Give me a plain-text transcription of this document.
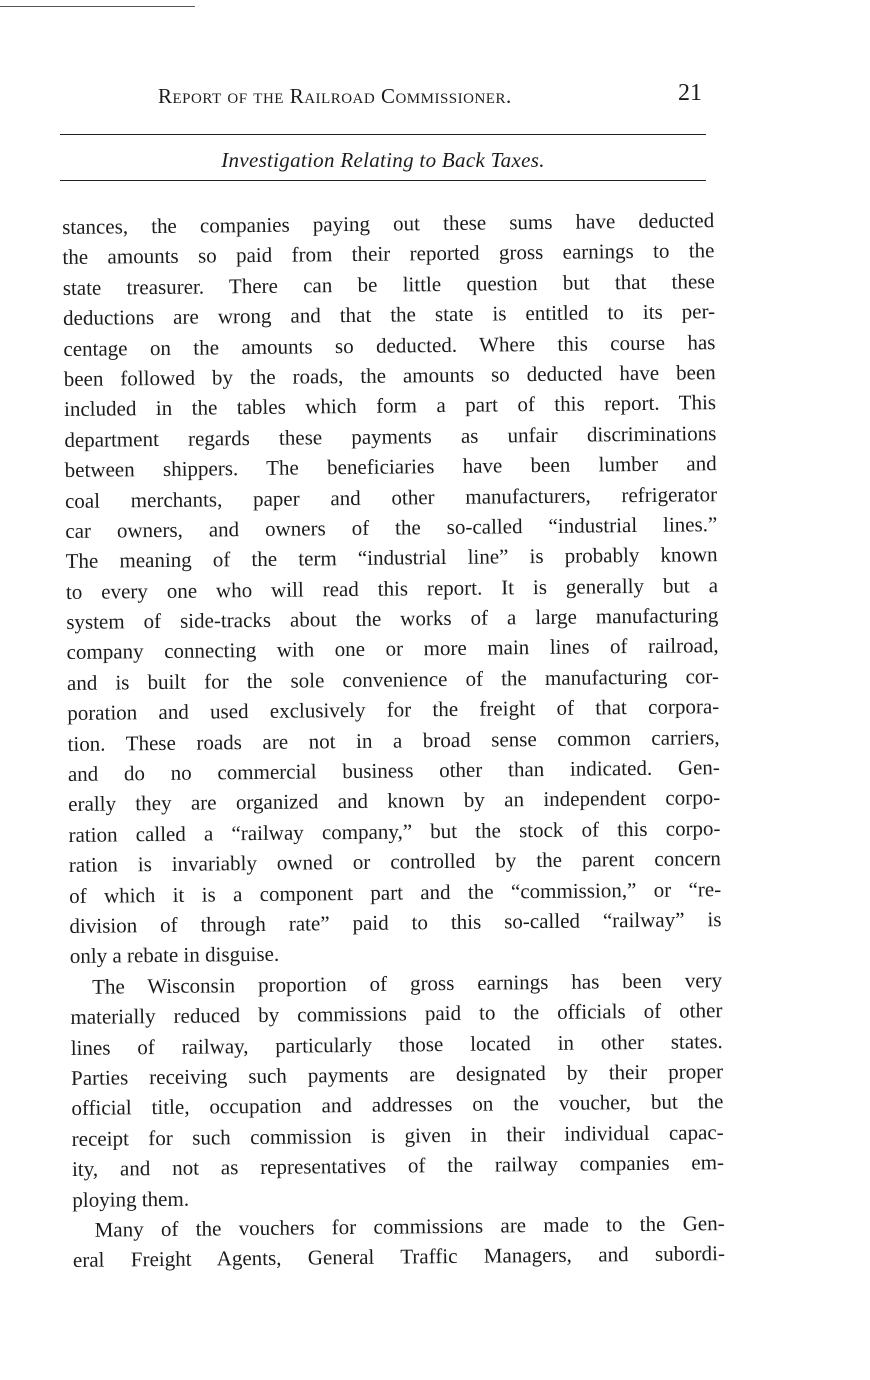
Report of the Railroad Commissioner.	21
Investigation Relating to Back Taxes.
stances, the companies paying out these sums have deducted
the amounts so paid from their reported gross earnings to the
state treasurer. There can be little question but that these
deductions are wrong and that the state is entitled to its per-
centage on the amounts so deducted. Where this course has
been followed by the roads, the amounts so deducted have been
included in the tables which form a part of this report. This
department regards these payments as unfair discriminations
between shippers. The beneficiaries have been lumber and
coal merchants, paper and other manufacturers, refrigerator
car owners, and owners of the so-called “industrial lines.”
The meaning of the term “industrial line” is probably known
to every one who will read this report. It is generally but a
system of side-tracks about the works of a large manufacturing
company connecting with one or more main lines of railroad,
and is built for the sole convenience of the manufacturing cor-
poration and used exclusively for the freight of that corpora-
tion. These roads are not in a broad sense common carriers,
and do no commercial business other than indicated. Gen-
erally they are organized and known by an independent corpo-
ration called a “railway company,” but the stock of this corpo-
ration is invariably owned or controlled by the parent concern
of which it is a component part and the “commission,” or “re-
division of through rate” paid to this so-called “railway” is
only a rebate in disguise.
The Wisconsin proportion of gross earnings has been very
materially reduced by commissions paid to the officials of other
lines of railway, particularly those located in other states.
Parties receiving such payments are designated by their proper
official title, occupation and addresses on the voucher, but the
receipt for such commission is given in their individual capac-
ity, and not as representatives of the railway companies em-
ploying them.
Many of the vouchers for commissions are made to the Gen-
eral Freight Agents, General Traffic Managers, and subordi-
